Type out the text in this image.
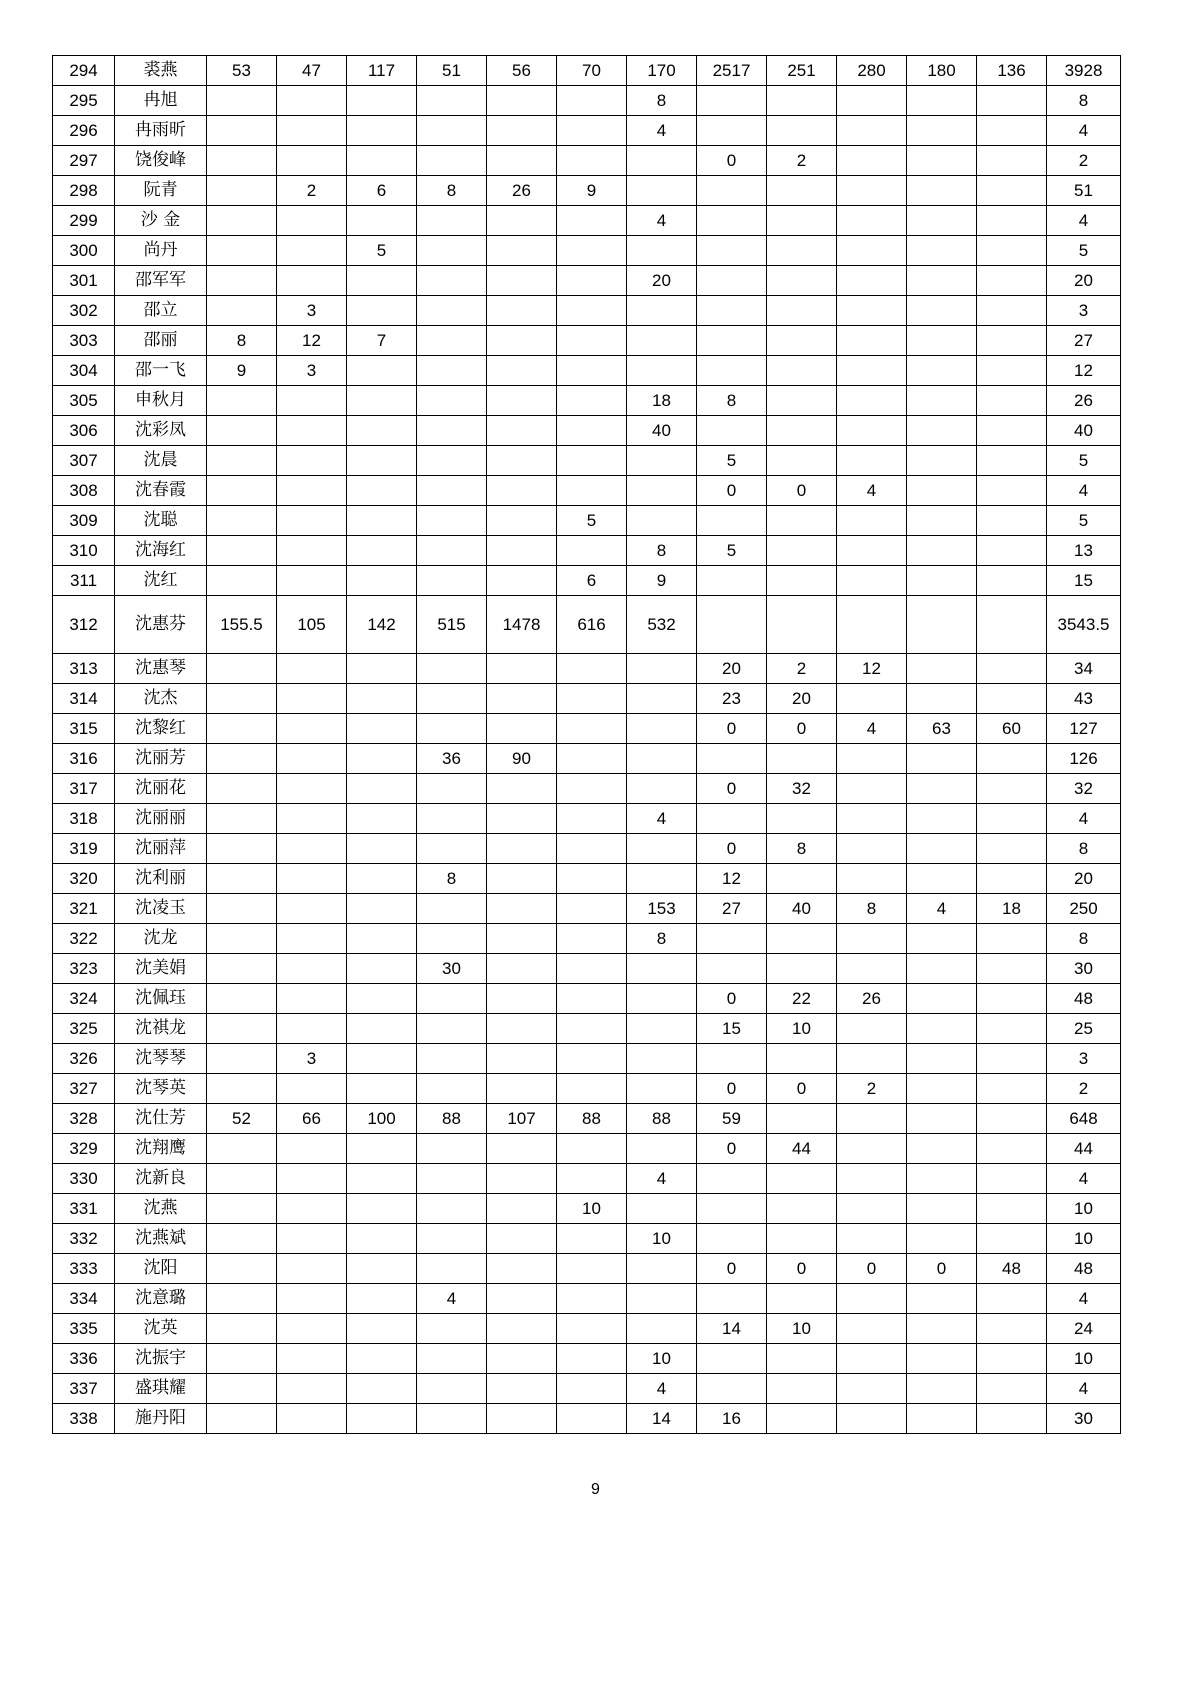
294	裘燕	53	47	117	51	56	70	170	2517	251	280	180	136	3928
295	冉旭							8						8
296	冉雨昕							4						4
297	饶俊峰								0	2				2
298	阮青		2	6	8	26	9							51
299	沙 金							4						4
300	尚丹			5										5
301	邵军军							20						20
302	邵立		3											3
303	邵丽	8	12	7										27
304	邵一飞	9	3											12
305	申秋月							18	8					26
306	沈彩凤							40						40
307	沈晨								5					5
308	沈春霞								0	0	4			4
309	沈聪						5							5
310	沈海红							8	5					13
311	沈红						6	9						15
312	沈惠芬	155.5	105	142	515	1478	616	532						3543.5
313	沈惠琴								20	2	12			34
314	沈杰								23	20				43
315	沈黎红								0	0	4	63	60	127
316	沈丽芳				36	90								126
317	沈丽花								0	32				32
318	沈丽丽							4						4
319	沈丽萍								0	8				8
320	沈利丽				8				12					20
321	沈凌玉							153	27	40	8	4	18	250
322	沈龙							8						8
323	沈美娟				30									30
324	沈佩珏								0	22	26			48
325	沈祺龙								15	10				25
326	沈琴琴		3											3
327	沈琴英								0	0	2			2
328	沈仕芳	52	66	100	88	107	88	88	59					648
329	沈翔鹰								0	44				44
330	沈新良							4						4
331	沈燕						10							10
332	沈燕斌							10						10
333	沈阳								0	0	0	0	48	48
334	沈意璐				4									4
335	沈英								14	10				24
336	沈振宇							10						10
337	盛琪耀							4						4
338	施丹阳							14	16					30
9
